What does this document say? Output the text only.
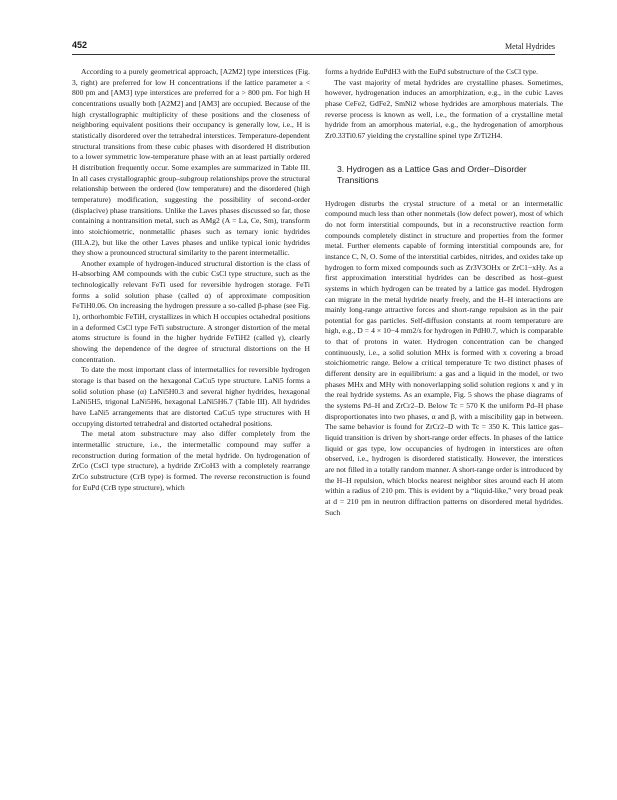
452	Metal Hydrides

According to a purely geometrical approach, [A2M2] type interstices (Fig. 3, right) are preferred for low H concentrations if the lattice parameter a < 800 pm and [AM3] type interstices are preferred for a > 800 pm. For high H concentrations usually both [A2M2] and [AM3] are occupied. Because of the high crystallographic multiplicity of these positions and the closeness of neighboring equivalent positions their occupancy is generally low, i.e., H is statistically disordered over the tetrahedral interstices. Temperature-dependent structural transitions from these cubic phases with disordered H distribution to a lower symmetric low-temperature phase with an at least partially ordered H distribution frequently occur. Some examples are summarized in Table III. In all cases crystallographic group–subgroup relationships prove the structural relationship between the ordered (low temperature) and the disordered (high temperature) modification, suggesting the possibility of second-order (displacive) phase transitions. Unlike the Laves phases discussed so far, those containing a nontransition metal, such as AMg2 (A = La, Ce, Sm), transform into stoichiometric, nonmetallic phases such as ternary ionic hydrides (III.A.2), but like the other Laves phases and unlike typical ionic hydrides they show a pronounced structural similarity to the parent intermetallic.

Another example of hydrogen-induced structural distortion is the class of H-absorbing AM compounds with the cubic CsCl type structure, such as the technologically relevant FeTi used for reversible hydrogen storage. FeTi forms a solid solution phase (called α) of approximate composition FeTiH0.06. On increasing the hydrogen pressure a so-called β-phase (see Fig. 1), orthorhombic FeTiH, crystallizes in which H occupies octahedral positions in a deformed CsCl type FeTi substructure. A stronger distortion of the metal atoms structure is found in the higher hydride FeTiH2 (called γ), clearly showing the dependence of the degree of structural distortions on the H concentration.

To date the most important class of intermetallics for reversible hydrogen storage is that based on the hexagonal CaCu5 type structure. LaNi5 forms a solid solution phase (α) LaNi5H0.3 and several higher hydrides, hexagonal LaNi5H5, trigonal LaNi5H6, hexagonal LaNi5H6.7 (Table III). All hydrides have LaNi5 arrangements that are distorted CaCu5 type structures with H occupying distorted tetrahedral and distorted octahedral positions.

The metal atom substructure may also differ completely from the intermetallic structure, i.e., the intermetallic compound may suffer a reconstruction during formation of the metal hydride. On hydrogenation of ZrCo (CsCl type structure), a hydride ZrCoH3 with a completely rearrange ZrCo substructure (CrB type) is formed. The reverse reconstruction is found for EuPd (CrB type structure), which

forms a hydride EuPdH3 with the EuPd substructure of the CsCl type.

The vast majority of metal hydrides are crystalline phases. Sometimes, however, hydrogenation induces an amorphization, e.g., in the cubic Laves phase CeFe2, GdFe2, SmNi2 whose hydrides are amorphous materials. The reverse process is known as well, i.e., the formation of a crystalline metal hydride from an amorphous material, e.g., the hydrogenation of amorphous Zr0.33Ti0.67 yielding the crystalline spinel type ZrTi2H4.

3. Hydrogen as a Lattice Gas and Order–Disorder Transitions

Hydrogen disturbs the crystal structure of a metal or an intermetallic compound much less than other nonmetals (low defect power), most of which do not form interstitial compounds, but in a reconstructive reaction form compounds completely distinct in structure and properties from the former metal. Further elements capable of forming interstitial compounds are, for instance C, N, O. Some of the interstitial carbides, nitrides, and oxides take up hydrogen to form mixed compounds such as Zr3V3OHx or ZrC1−xHy. As a first approximation interstitial hydrides can be described as host–guest systems in which hydrogen can be treated by a lattice gas model. Hydrogen can migrate in the metal hydride nearly freely, and the H–H interactions are mainly long-range attractive forces and short-range repulsion as in the pair potential for gas particles. Self-diffusion constants at room temperature are high, e.g., D = 4 × 10−4 mm2/s for hydrogen in PdH0.7, which is comparable to that of protons in water. Hydrogen concentration can be changed continuously, i.e., a solid solution MHx is formed with x covering a broad stoichiometric range. Below a critical temperature Tc two distinct phases of different density are in equilibrium: a gas and a liquid in the model, or two phases MHx and MHy with nonoverlapping solid solution regions x and y in the real hydride systems. As an example, Fig. 5 shows the phase diagrams of the systems Pd–H and ZrCr2–D. Below Tc = 570 K the uniform Pd–H phase disproportionates into two phases, α and β, with a miscibility gap in between. The same behavior is found for ZrCr2–D with Tc = 350 K. This lattice gas–liquid transition is driven by short-range order effects. In phases of the lattice liquid or gas type, low occupancies of hydrogen in interstices are often observed, i.e., hydrogen is disordered statistically. However, the interstices are not filled in a totally random manner. A short-range order is introduced by the H–H repulsion, which blocks nearest neighbor sites around each H atom within a radius of 210 pm. This is evident by a “liquid-like,” very broad peak at d = 210 pm in neutron diffraction patterns on disordered metal hydrides. Such
